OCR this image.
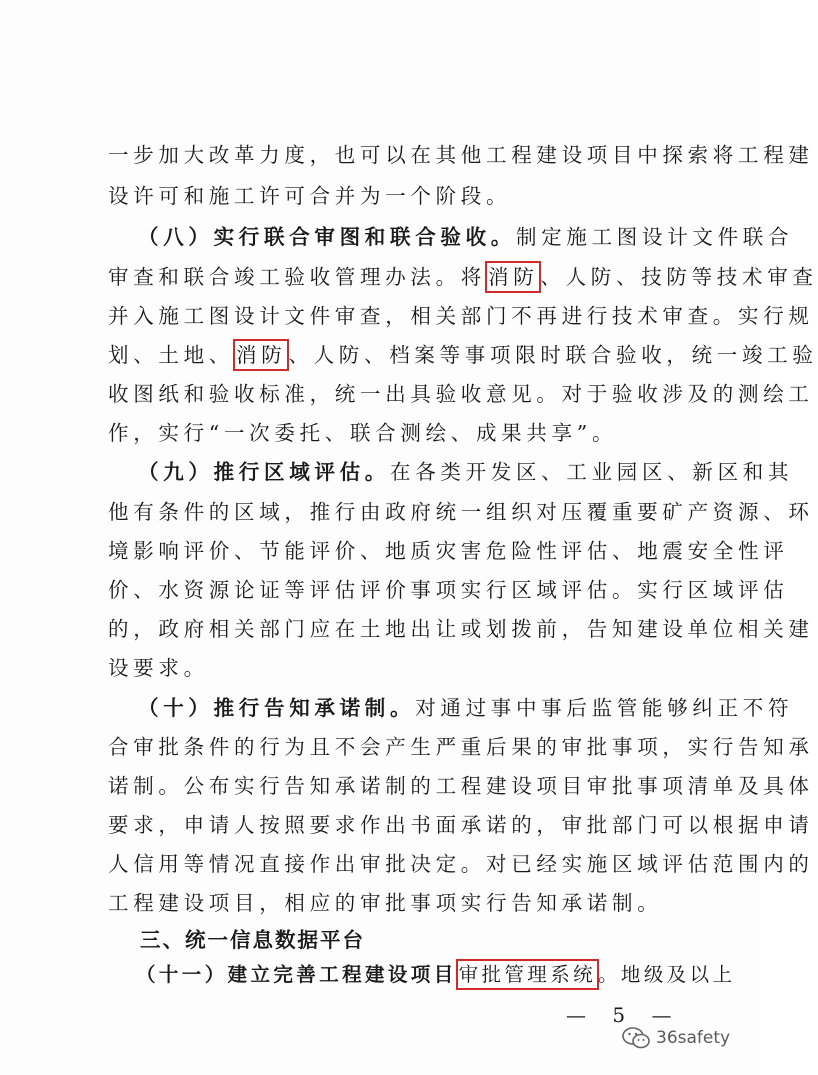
一步加大改革力度，也可以在其他工程建设项目中探索将工程建
设许可和施工许可合并为一个阶段。
（八）实行联合审图和联合验收。制定施工图设计文件联合
审查和联合竣工验收管理办法。将消防、人防、技防等技术审查
并入施工图设计文件审查，相关部门不再进行技术审查。实行规
划、土地、消防、人防、档案等事项限时联合验收，统一竣工验
收图纸和验收标准，统一出具验收意见。对于验收涉及的测绘工
作，实行“一次委托、联合测绘、成果共享”。
（九）推行区域评估。在各类开发区、工业园区、新区和其
他有条件的区域，推行由政府统一组织对压覆重要矿产资源、环
境影响评价、节能评价、地质灾害危险性评估、地震安全性评
价、水资源论证等评估评价事项实行区域评估。实行区域评估
的，政府相关部门应在土地出让或划拨前，告知建设单位相关建
设要求。
（十）推行告知承诺制。对通过事中事后监管能够纠正不符
合审批条件的行为且不会产生严重后果的审批事项，实行告知承
诺制。公布实行告知承诺制的工程建设项目审批事项清单及具体
要求，申请人按照要求作出书面承诺的，审批部门可以根据申请
人信用等情况直接作出审批决定。对已经实施区域评估范围内的
工程建设项目，相应的审批事项实行告知承诺制。
三、统一信息数据平台
（十一）建立完善工程建设项目 审批管理系统 。地级及以上
— 5 —
36safety
